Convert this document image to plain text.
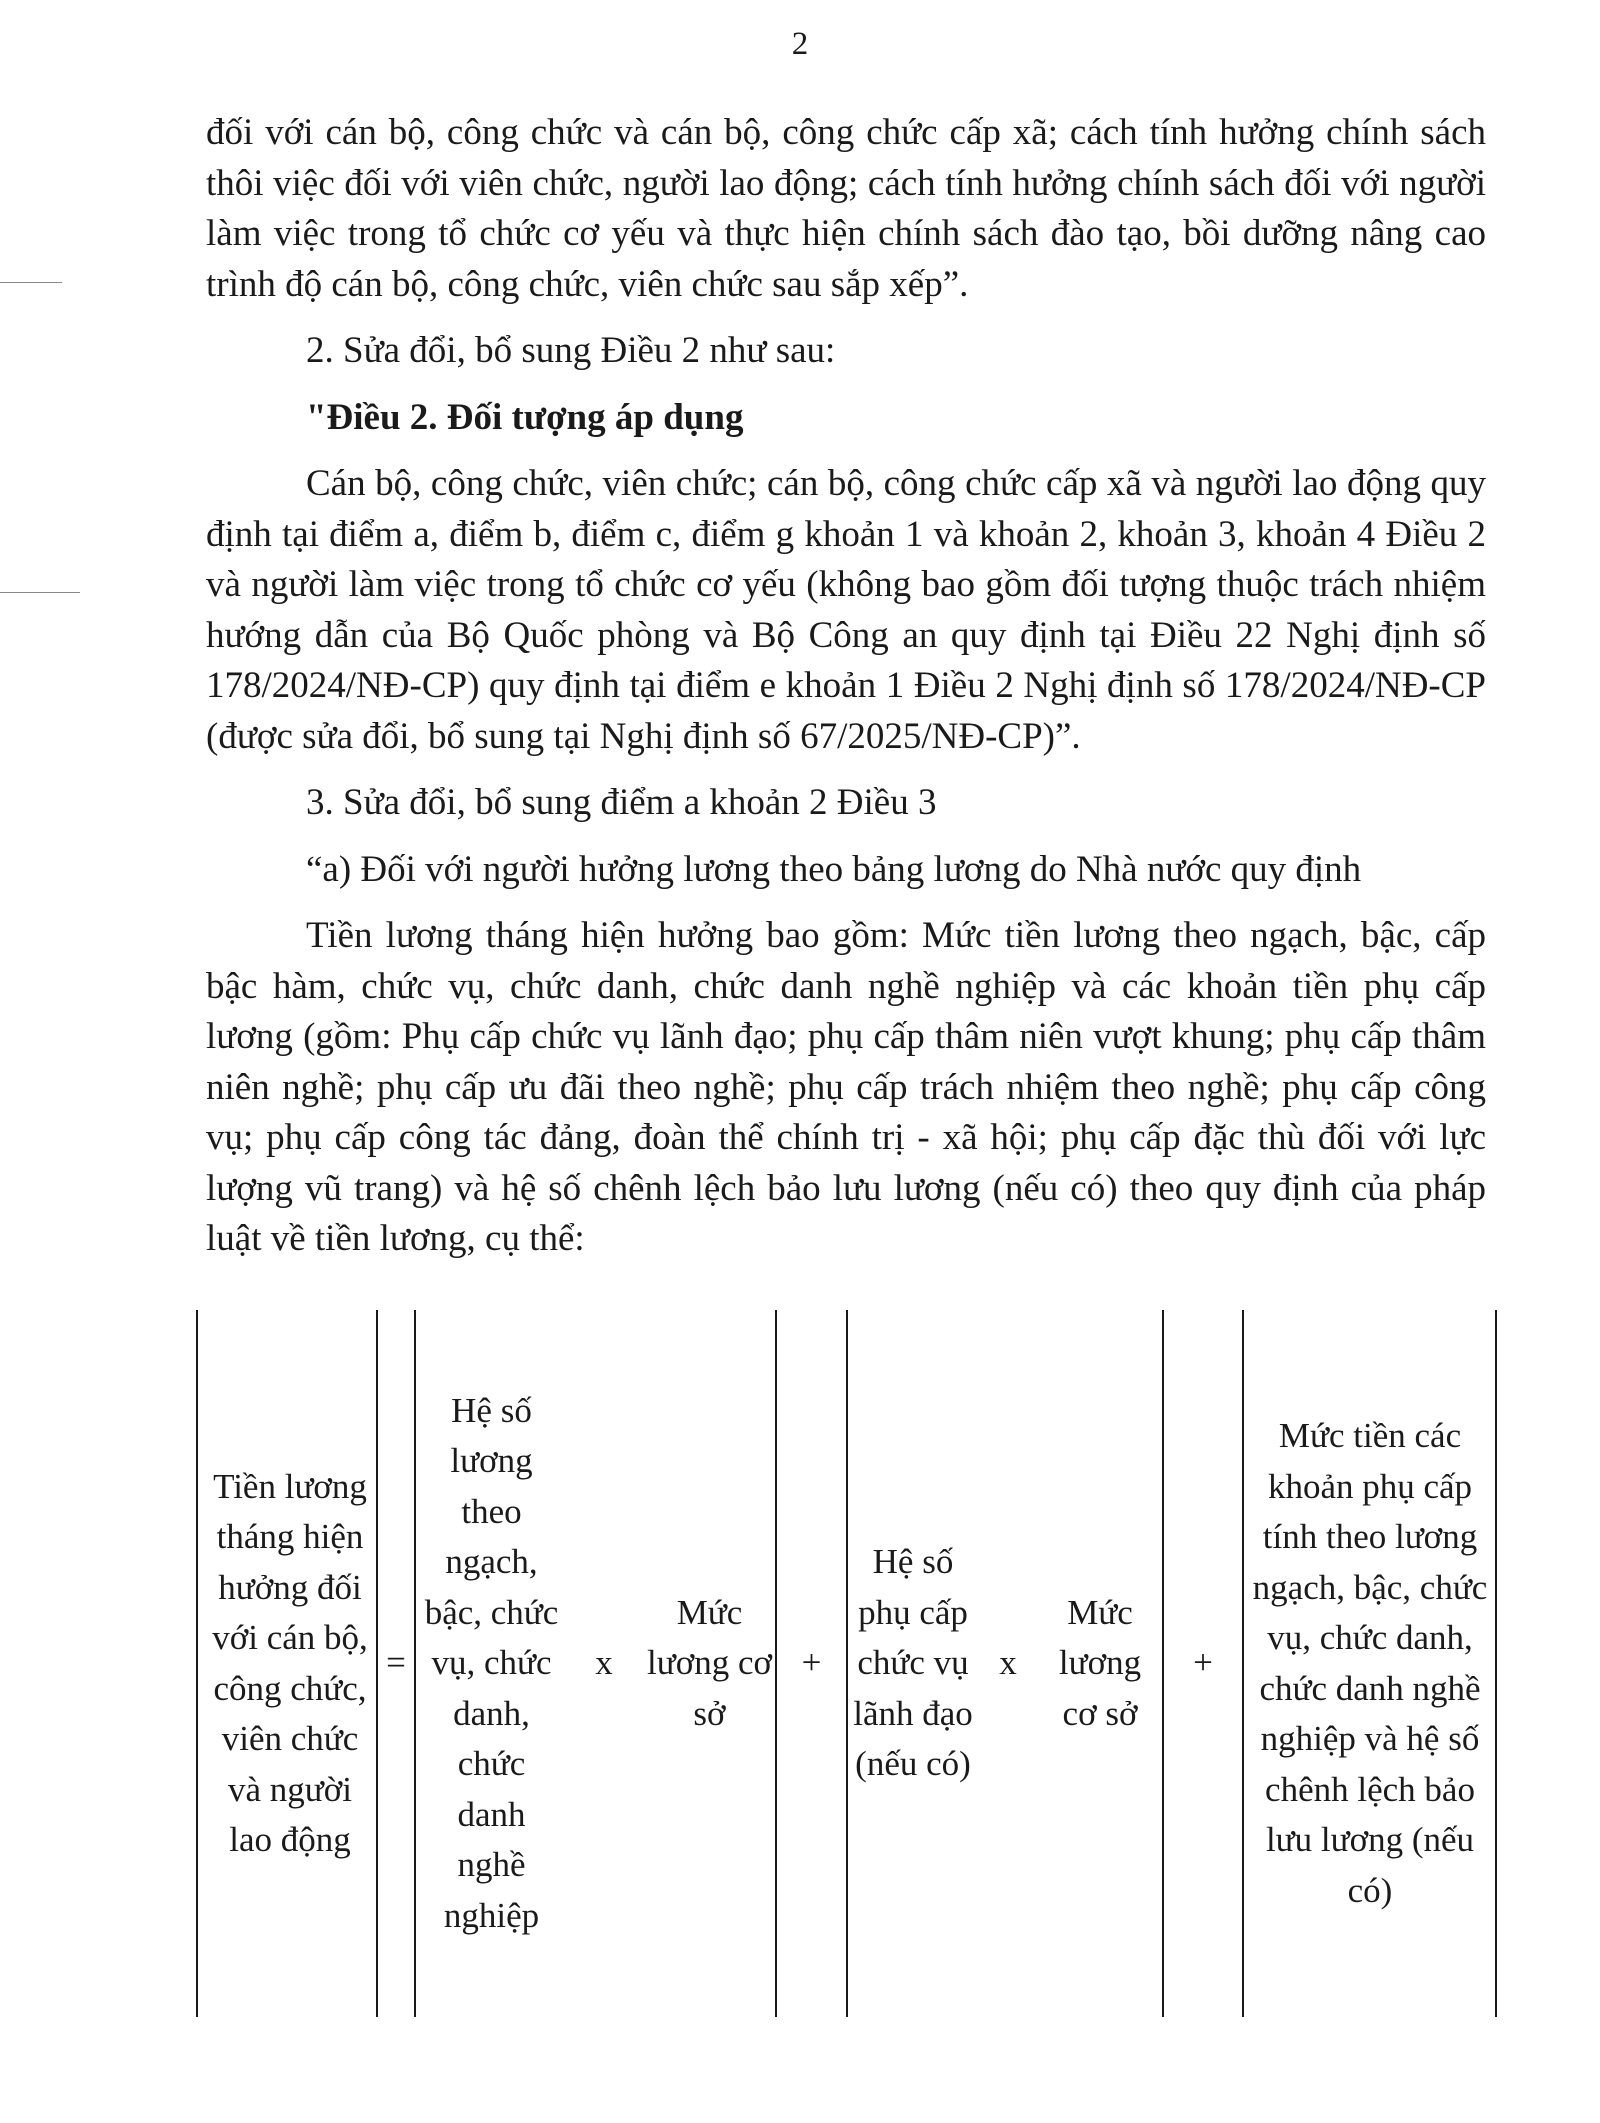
2

đối với cán bộ, công chức và cán bộ, công chức cấp xã; cách tính hưởng chính sách thôi việc đối với viên chức, người lao động; cách tính hưởng chính sách đối với người làm việc trong tổ chức cơ yếu và thực hiện chính sách đào tạo, bồi dưỡng nâng cao trình độ cán bộ, công chức, viên chức sau sắp xếp”.

2. Sửa đổi, bổ sung Điều 2 như sau:

"Điều 2. Đối tượng áp dụng

Cán bộ, công chức, viên chức; cán bộ, công chức cấp xã và người lao động quy định tại điểm a, điểm b, điểm c, điểm g khoản 1 và khoản 2, khoản 3, khoản 4 Điều 2 và người làm việc trong tổ chức cơ yếu (không bao gồm đối tượng thuộc trách nhiệm hướng dẫn của Bộ Quốc phòng và Bộ Công an quy định tại Điều 22 Nghị định số 178/2024/NĐ-CP) quy định tại điểm e khoản 1 Điều 2 Nghị định số 178/2024/NĐ-CP (được sửa đổi, bổ sung tại Nghị định số 67/2025/NĐ-CP)”.

3. Sửa đổi, bổ sung điểm a khoản 2 Điều 3

“a) Đối với người hưởng lương theo bảng lương do Nhà nước quy định

Tiền lương tháng hiện hưởng bao gồm: Mức tiền lương theo ngạch, bậc, cấp bậc hàm, chức vụ, chức danh, chức danh nghề nghiệp và các khoản tiền phụ cấp lương (gồm: Phụ cấp chức vụ lãnh đạo; phụ cấp thâm niên vượt khung; phụ cấp thâm niên nghề; phụ cấp ưu đãi theo nghề; phụ cấp trách nhiệm theo nghề; phụ cấp công vụ; phụ cấp công tác đảng, đoàn thể chính trị - xã hội; phụ cấp đặc thù đối với lực lượng vũ trang) và hệ số chênh lệch bảo lưu lương (nếu có) theo quy định của pháp luật về tiền lương, cụ thể:

Tiền lương tháng hiện hưởng đối với cán bộ, công chức, viên chức và người lao động
=
Hệ số lương theo ngạch, bậc, chức vụ, chức danh, chức danh nghề nghiệp
x
Mức lương cơ sở
+
Hệ số phụ cấp chức vụ lãnh đạo (nếu có)
x
Mức lương cơ sở
+
Mức tiền các khoản phụ cấp tính theo lương ngạch, bậc, chức vụ, chức danh, chức danh nghề nghiệp và hệ số chênh lệch bảo lưu lương (nếu có)
